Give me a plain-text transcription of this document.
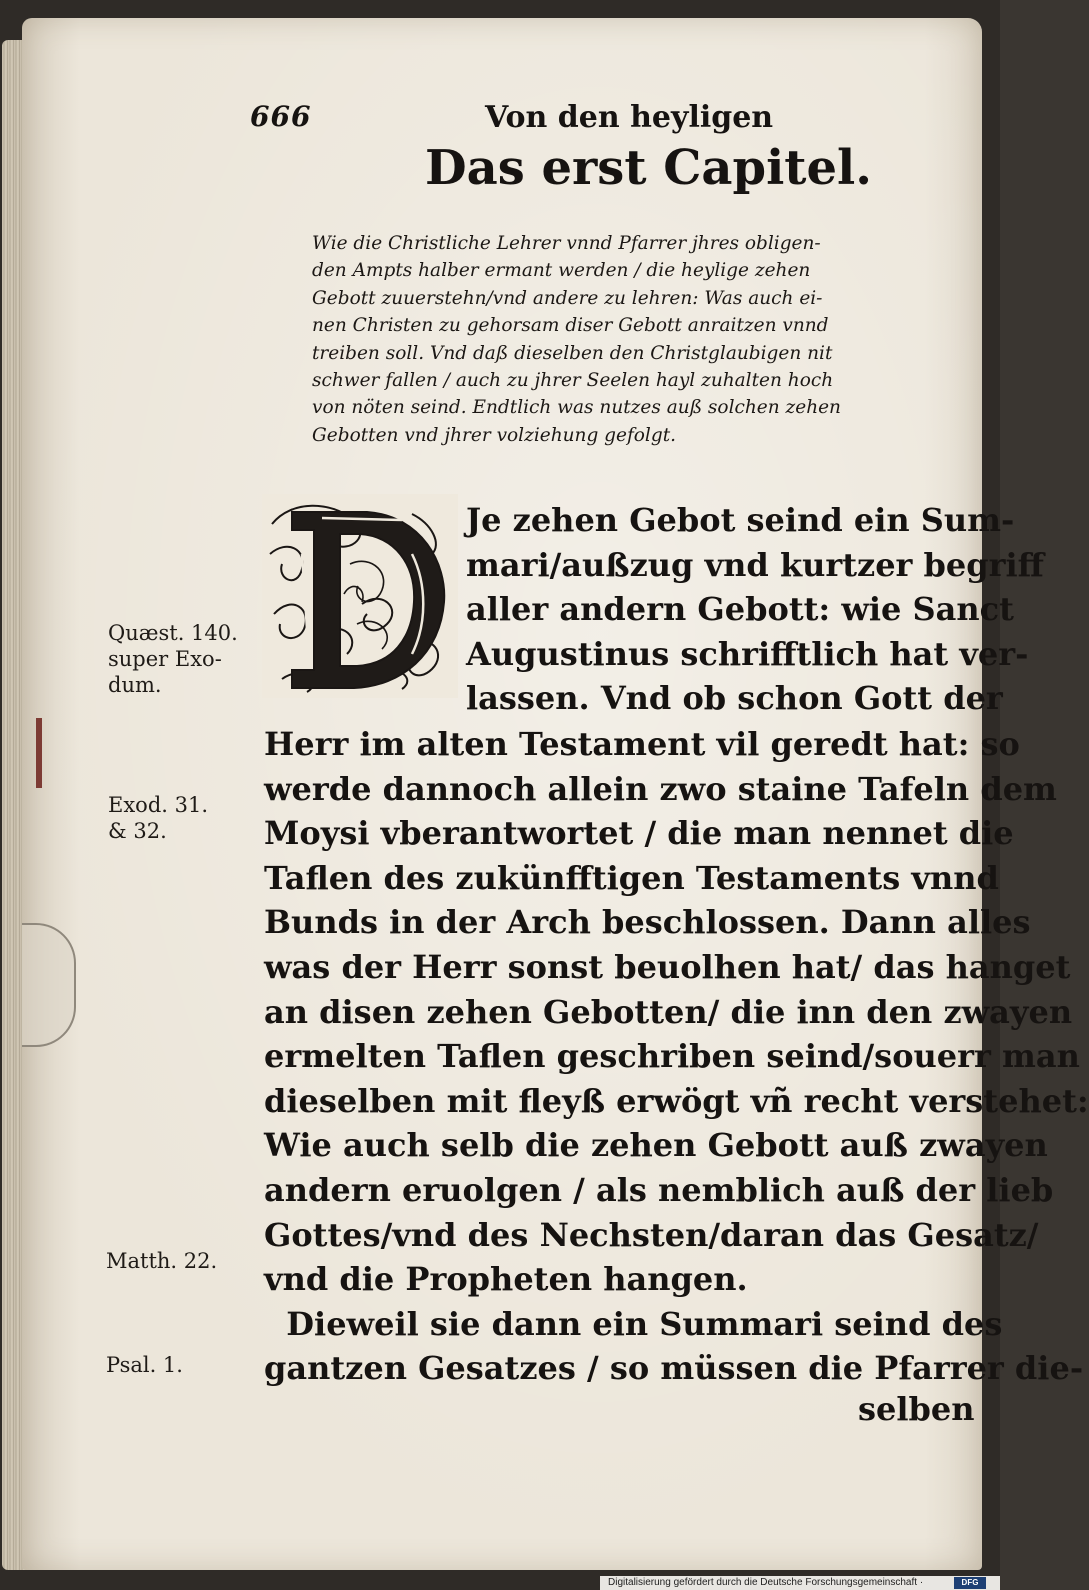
666	Von den heyligen
Das erst Capitel.
Wie die Christliche Lehrer vnnd Pfarrer jhres obligen-
den Ampts halber ermant werden / die heylige zehen
Gebott zuuerstehn/vnd andere zu lehren: Was auch ei-
nen Christen zu gehorsam diser Gebott anraitzen vnnd
treiben soll. Vnd daß dieselben den Christglaubigen nit
schwer fallen / auch zu jhrer Seelen hayl zuhalten hoch
von nöten seind. Endtlich was nutzes auß solchen zehen
Gebotten vnd jhrer volziehung gefolgt.
Je zehen Gebot seind ein Sum-
mari/außzug vnd kurtzer begriff
aller andern Gebott: wie Sanct
Augustinus schrifftlich hat ver-
lassen. Vnd ob schon Gott der
Herr im alten Testament vil geredt hat: so
werde dannoch allein zwo staine Tafeln dem
Moysi vberantwortet / die man nennet die
Taflen des zukünfftigen Testaments vnnd
Bunds in der Arch beschlossen. Dann alles
was der Herr sonst beuolhen hat/ das hanget
an disen zehen Gebotten/ die inn den zwayen
ermelten Taflen geschriben seind/souerr man
dieselben mit fleyß erwögt vñ recht verstehet:
Wie auch selb die zehen Gebott auß zwayen
andern eruolgen / als nemblich auß der lieb
Gottes/vnd des Nechsten/daran das Gesatz/
vnd die Propheten hangen.
Dieweil sie dann ein Summari seind des
gantzen Gesatzes / so müssen die Pfarrer die-
selben
Quæst. 140.
super Exo-
dum.
Exod. 31.
& 32.
Matth. 22.
Psal. 1.
Digitalisierung gefördert durch die Deutsche Forschungsgemeinschaft ·	DFG
